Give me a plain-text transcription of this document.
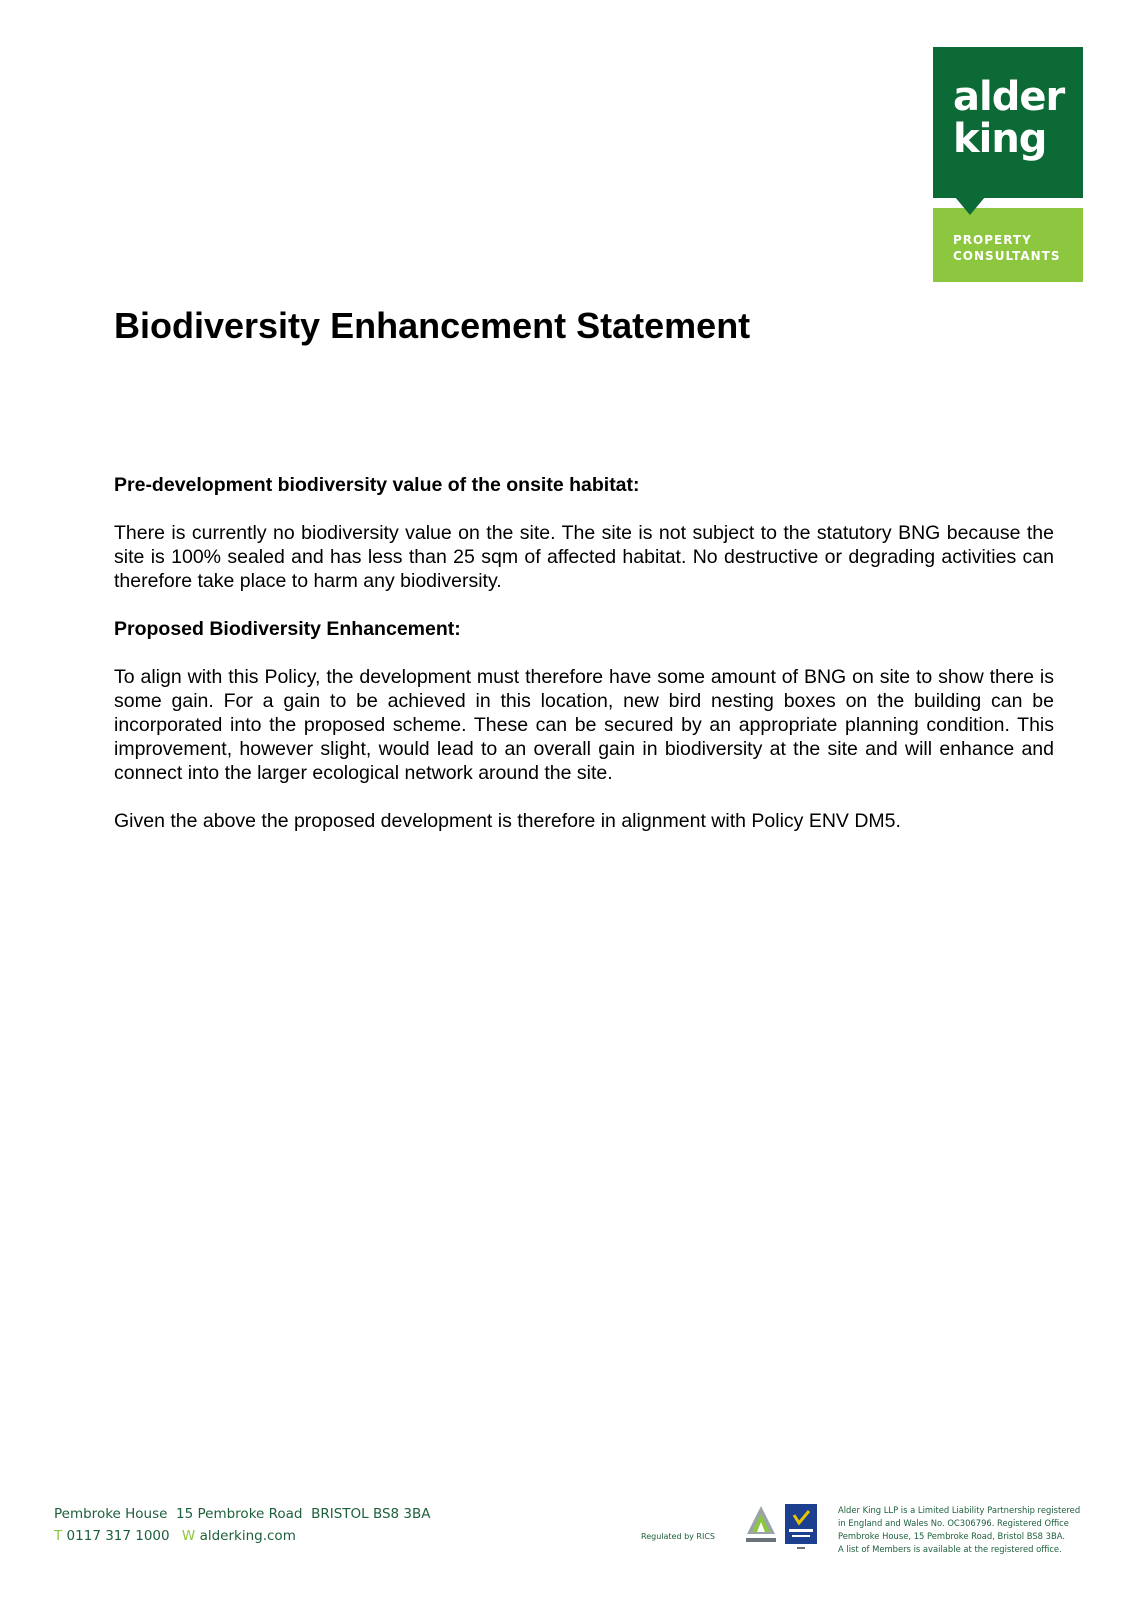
alder
king
PROPERTY
CONSULTANTS
Biodiversity Enhancement Statement

Pre-development biodiversity value of the onsite habitat:

There is currently no biodiversity value on the site. The site is not subject to the statutory BNG because the site is 100% sealed and has less than 25 sqm of affected habitat. No destructive or degrading activities can therefore take place to harm any biodiversity.

Proposed Biodiversity Enhancement:

To align with this Policy, the development must therefore have some amount of BNG on site to show there is some gain. For a gain to be achieved in this location, new bird nesting boxes on the building can be incorporated into the proposed scheme. These can be secured by an appropriate planning condition. This improvement, however slight, would lead to an overall gain in biodiversity at the site and will enhance and connect into the larger ecological network around the site.

Given the above the proposed development is therefore in alignment with Policy ENV DM5.

Pembroke House  15 Pembroke Road  BRISTOL BS8 3BA
T 0117 317 1000 W alderking.com	Regulated by RICS
Alder King LLP is a Limited Liability Partnership registered
in England and Wales No. OC306796. Registered Office
Pembroke House, 15 Pembroke Road, Bristol BS8 3BA.
A list of Members is available at the registered office.
